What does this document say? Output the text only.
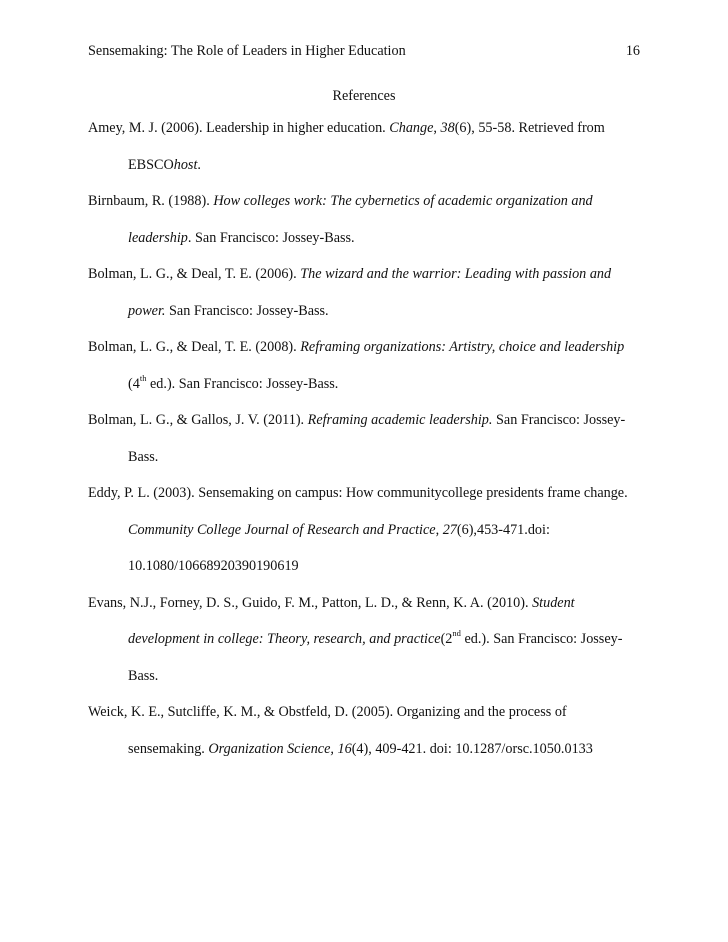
Sensemaking: The Role of Leaders in Higher Education	16
References
Amey, M. J. (2006). Leadership in higher education. Change, 38(6), 55-58. Retrieved from
EBSCOhost.
Birnbaum, R. (1988). How colleges work: The cybernetics of academic organization and
leadership. San Francisco: Jossey-Bass.
Bolman, L. G., & Deal, T. E. (2006). The wizard and the warrior: Leading with passion and
power. San Francisco: Jossey-Bass.
Bolman, L. G., & Deal, T. E. (2008). Reframing organizations: Artistry, choice and leadership
(4th ed.). San Francisco: Jossey-Bass.
Bolman, L. G., & Gallos, J. V. (2011). Reframing academic leadership. San Francisco: Jossey-
Bass.
Eddy, P. L. (2003). Sensemaking on campus: How communitycollege presidents frame change.
Community College Journal of Research and Practice, 27(6),453-471.doi:
10.1080/10668920390190619
Evans, N.J., Forney, D. S., Guido, F. M., Patton, L. D., & Renn, K. A. (2010). Student
development in college: Theory, research, and practice(2nd ed.). San Francisco: Jossey-
Bass.
Weick, K. E., Sutcliffe, K. M., & Obstfeld, D. (2005). Organizing and the process of
sensemaking. Organization Science, 16(4), 409-421. doi: 10.1287/orsc.1050.0133
